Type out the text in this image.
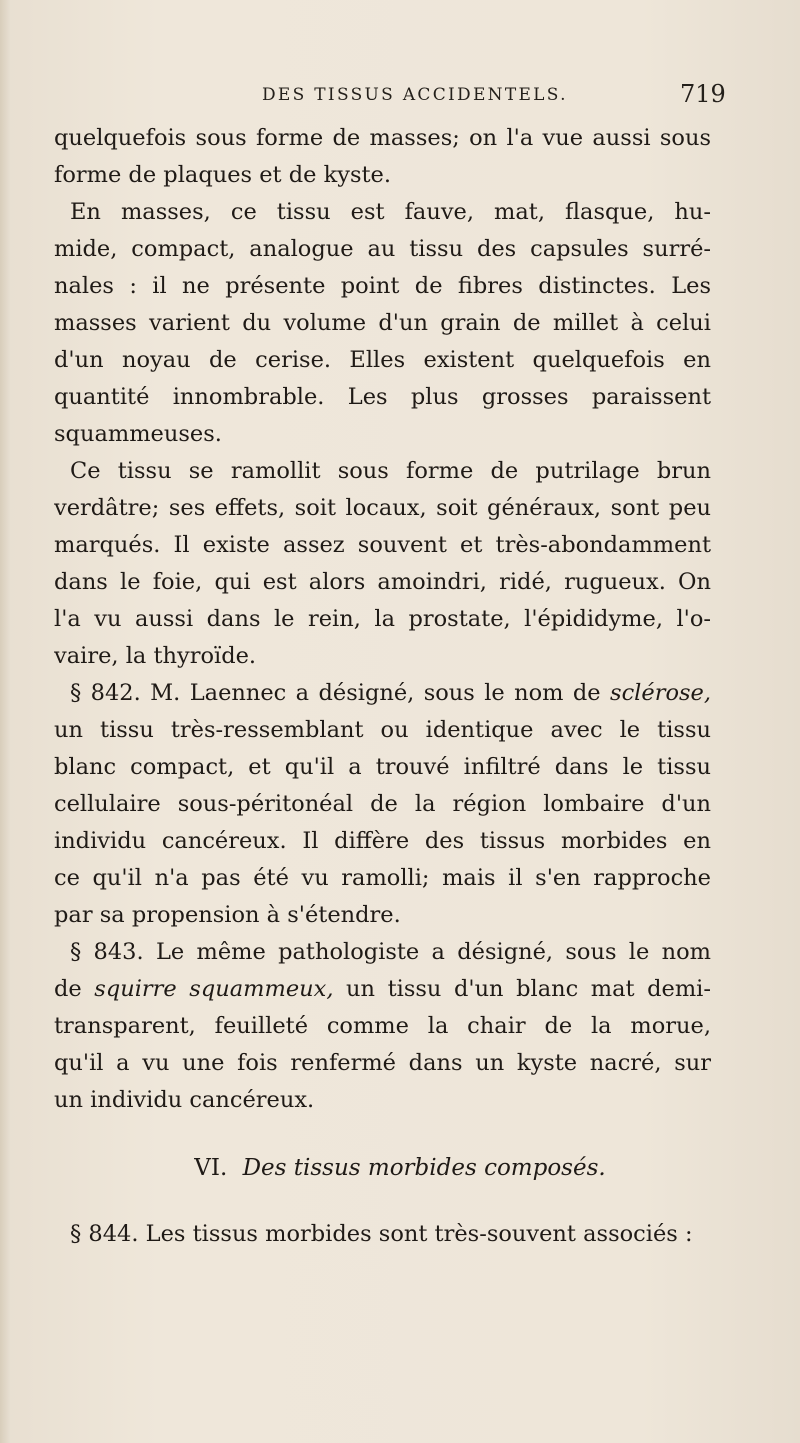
DES TISSUS ACCIDENTELS.	719
quelquefois sous forme de masses; on l'a vue aussi sous
forme de plaques et de kyste.
En masses, ce tissu est fauve, mat, flasque, hu-
mide, compact, analogue au tissu des capsules surré-
nales : il ne présente point de fibres distinctes. Les
masses varient du volume d'un grain de millet à celui
d'un noyau de cerise. Elles existent quelquefois en
quantité innombrable. Les plus grosses paraissent
squammeuses.
Ce tissu se ramollit sous forme de putrilage brun
verdâtre; ses effets, soit locaux, soit généraux, sont peu
marqués. Il existe assez souvent et très-abondamment
dans le foie, qui est alors amoindri, ridé, rugueux. On
l'a vu aussi dans le rein, la prostate, l'épididyme, l'o-
vaire, la thyroïde.
§ 842. M. Laennec a désigné, sous le nom de sclérose,
un tissu très-ressemblant ou identique avec le tissu
blanc compact, et qu'il a trouvé infiltré dans le tissu
cellulaire sous-péritonéal de la région lombaire d'un
individu cancéreux. Il diffère des tissus morbides en
ce qu'il n'a pas été vu ramolli; mais il s'en rapproche
par sa propension à s'étendre.
§ 843. Le même pathologiste a désigné, sous le nom
de squirre squammeux, un tissu d'un blanc mat demi-
transparent, feuilleté comme la chair de la morue,
qu'il a vu une fois renfermé dans un kyste nacré, sur
un individu cancéreux.
VI. Des tissus morbides composés.
§ 844. Les tissus morbides sont très-souvent associés :
